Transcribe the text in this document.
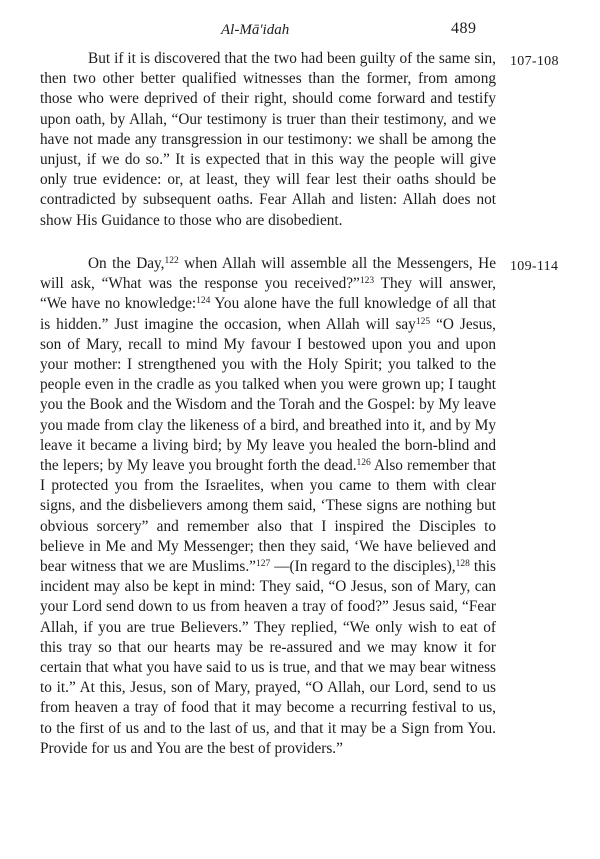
Al-Mā'idah	489

But if it is discovered that the two had been guilty of the same sin, then two other better qualified witnesses than the former, from among those who were deprived of their right, should come forward and testify upon oath, by Allah, “Our testimony is truer than their testimony, and we have not made any transgression in our testimony: we shall be among the unjust, if we do so.” It is expected that in this way the people will give only true evidence: or, at least, they will fear lest their oaths should be contradicted by subsequent oaths. Fear Allah and listen: Allah does not show His Guidance to those who are disobedient.

107-108

On the Day,$^{122}$ when Allah will assemble all the Messengers, He will ask, “What was the response you received?”$^{123}$ They will answer, “We have no knowledge:$^{124}$ You alone have the full knowledge of all that is hidden.” Just imagine the occasion, when Allah will say$^{125}$ “O Jesus, son of Mary, recall to mind My favour I bestowed upon you and upon your mother: I strengthened you with the Holy Spirit; you talked to the people even in the cradle as you talked when you were grown up; I taught you the Book and the Wisdom and the Torah and the Gospel: by My leave you made from clay the likeness of a bird, and breathed into it, and by My leave it became a living bird; by My leave you healed the born-blind and the lepers; by My leave you brought forth the dead.$^{126}$ Also remember that I protected you from the Israelites, when you came to them with clear signs, and the disbelievers among them said, ‘These signs are nothing but obvious sorcery” and remember also that I inspired the Disciples to believe in Me and My Messenger; then they said, ‘We have believed and bear witness that we are Muslims.”$^{127}$ —(In regard to the disciples),$^{128}$ this incident may also be kept in mind: They said, “O Jesus, son of Mary, can your Lord send down to us from heaven a tray of food?” Jesus said, “Fear Allah, if you are true Believers.” They replied, “We only wish to eat of this tray so that our hearts may be re-assured and we may know it for certain that what you have said to us is true, and that we may bear witness to it.” At this, Jesus, son of Mary, prayed, “O Allah, our Lord, send to us from heaven a tray of food that it may become a recurring festival to us, to the first of us and to the last of us, and that it may be a Sign from You. Provide for us and You are the best of providers.”

109-114
